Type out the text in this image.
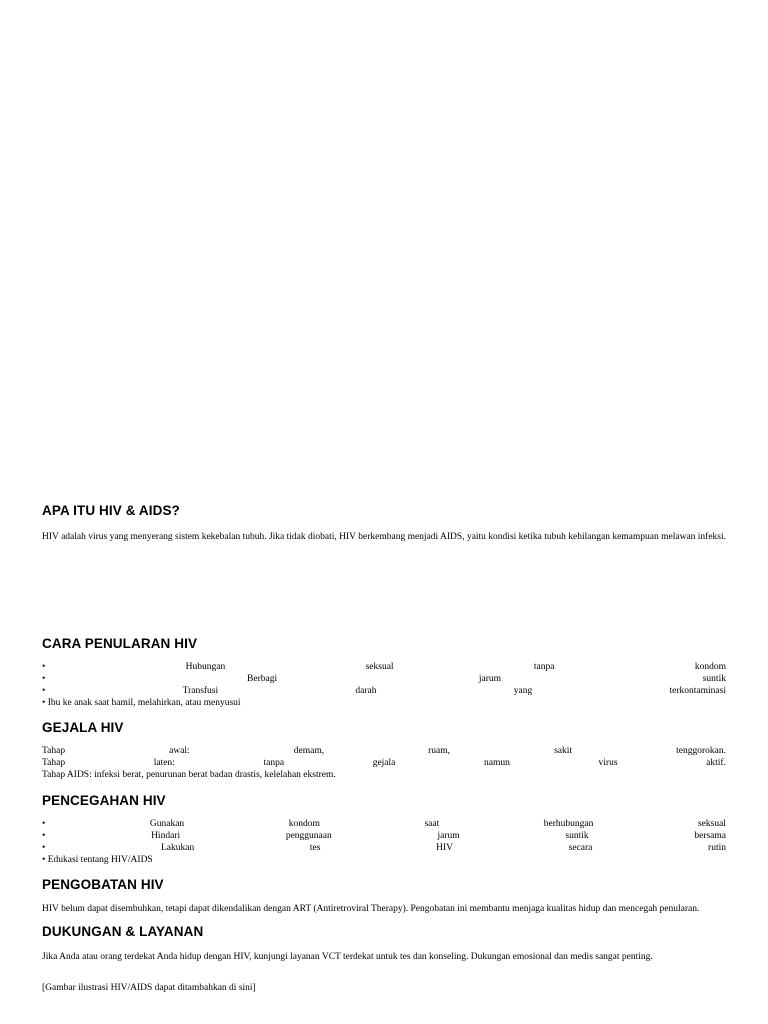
APA ITU HIV & AIDS?

HIV adalah virus yang menyerang sistem kekebalan tubuh. Jika tidak diobati, HIV berkembang menjadi AIDS, yaitu kondisi ketika tubuh kehilangan kemampuan melawan infeksi.

CARA PENULARAN HIV
•	Hubungan	seksual	tanpa	kondom
•	Berbagi	jarum	suntik
•	Transfusi	darah	yang	terkontaminasi
• Ibu ke anak saat hamil, melahirkan, atau menyusui
GEJALA HIV
Tahap	awal:	demam,	ruam,	sakit	tenggorokan.
Tahap	laten:	tanpa	gejala	namun	virus	aktif.
Tahap AIDS: infeksi berat, penurunan berat badan drastis, kelelahan ekstrem.
PENCEGAHAN HIV
•	Gunakan	kondom	saat	berhubungan	seksual
•	Hindari	penggunaan	jarum	suntik	bersama
•	Lakukan	tes	HIV	secara	rutin
• Edukasi tentang HIV/AIDS
PENGOBATAN HIV

HIV belum dapat disembuhkan, tetapi dapat dikendalikan dengan ART (Antiretroviral Therapy). Pengobatan ini membantu menjaga kualitas hidup dan mencegah penularan.

DUKUNGAN & LAYANAN

Jika Anda atau orang terdekat Anda hidup dengan HIV, kunjungi layanan VCT terdekat untuk tes dan konseling. Dukungan emosional dan medis sangat penting.

[Gambar ilustrasi HIV/AIDS dapat ditambahkan di sini]
